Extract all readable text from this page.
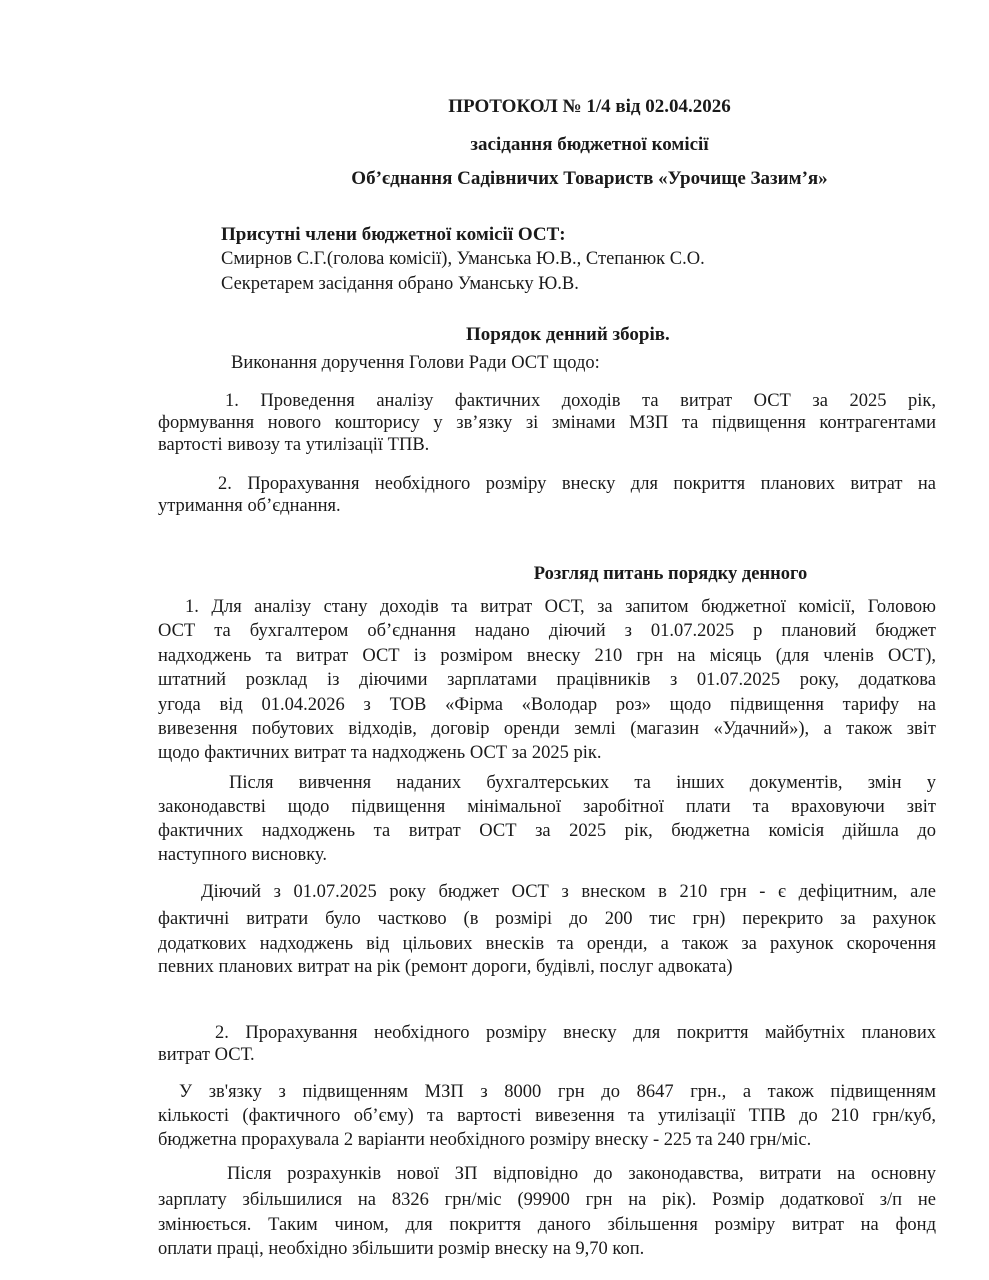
ПРОТОКОЛ № 1/4 від 02.04.2026
засідання бюджетної комісії
Об’єднання Садівничих Товариств «Урочище Зазим’я»
Присутні члени бюджетної комісії ОСТ:
Смирнов С.Г.(голова комісії), Уманська Ю.В., Степанюк С.О.
Секретарем засідання обрано Уманську Ю.В.
Порядок денний зборів.
Виконання доручення Голови Ради ОСТ щодо:
1. Проведення аналізу фактичних доходів та витрат ОСТ за 2025 рік,
формування нового кошторису у зв’язку зі змінами МЗП та підвищення контрагентами
вартості вивозу та утилізації ТПВ.
2. Прорахування необхідного розміру внеску для покриття планових витрат на
утримання об’єднання.
Розгляд питань порядку денного
1. Для аналізу стану доходів та витрат ОСТ, за запитом бюджетної комісії, Головою
ОСТ та бухгалтером об’єднання надано діючий з 01.07.2025 р плановий бюджет
надходжень та витрат ОСТ із розміром внеску 210 грн на місяць (для членів ОСТ),
штатний розклад із діючими зарплатами працівників з 01.07.2025 року, додаткова
угода від 01.04.2026 з ТОВ «Фірма «Володар роз» щодо підвищення тарифу на
вивезення побутових відходів, договір оренди землі (магазин «Удачний»), а також звіт
щодо фактичних витрат та надходжень ОСТ за 2025 рік.
Після вивчення наданих бухгалтерських та інших документів, змін у
законодавстві щодо підвищення мінімальної заробітної плати та враховуючи звіт
фактичних надходжень та витрат ОСТ за 2025 рік, бюджетна комісія дійшла до
наступного висновку.
Діючий з 01.07.2025 року бюджет ОСТ з внеском в 210 грн - є дефіцитним, але
фактичні витрати було частково (в розмірі до 200 тис грн) перекрито за рахунок
додаткових надходжень від цільових внесків та оренди, а також за рахунок скорочення
певних планових витрат на рік (ремонт дороги, будівлі, послуг адвоката)
2. Прорахування необхідного розміру внеску для покриття майбутніх планових
витрат ОСТ.
У зв'язку з підвищенням МЗП з 8000 грн до 8647 грн., а також підвищенням
кількості (фактичного об’єму) та вартості вивезення та утилізації ТПВ до 210 грн/куб,
бюджетна прорахувала 2 варіанти необхідного розміру внеску - 225 та 240 грн/міс.
Після розрахунків нової ЗП відповідно до законодавства, витрати на основну
зарплату збільшилися на 8326 грн/міс (99900 грн на рік). Розмір додаткової з/п не
змінюється. Таким чином, для покриття даного збільшення розміру витрат на фонд
оплати праці, необхідно збільшити розмір внеску на 9,70 коп.
